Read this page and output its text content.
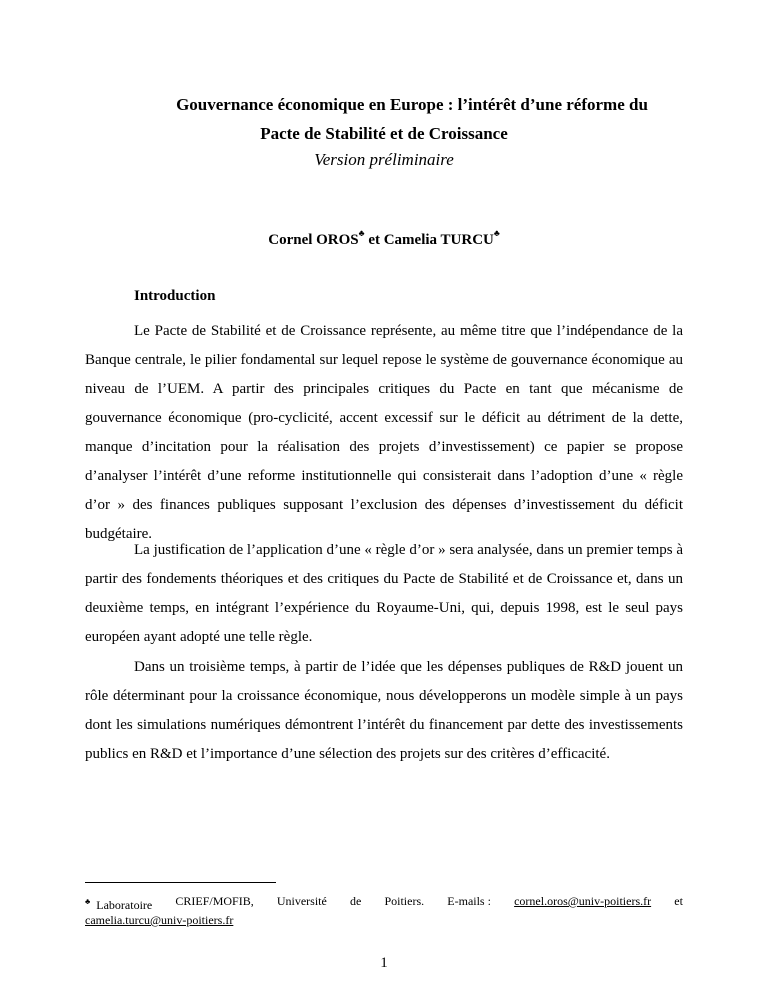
Gouvernance économique en Europe : l’intérêt d’une réforme du
Pacte de Stabilité et de Croissance
Version préliminaire
Cornel OROS♣ et Camelia TURCU♣
Introduction

Le Pacte de Stabilité et de Croissance représente, au même titre que l’indépendance de la Banque centrale, le pilier fondamental sur lequel repose le système de gouvernance économique au niveau de l’UEM. A partir des principales critiques du Pacte en tant que mécanisme de gouvernance économique (pro-cyclicité, accent excessif sur le déficit au détriment de la dette, manque d’incitation pour la réalisation des projets d’investissement) ce papier se propose d’analyser l’intérêt d’une reforme institutionnelle qui consisterait dans l’adoption d’une « règle d’or » des finances publiques supposant l’exclusion des dépenses d’investissement du déficit budgétaire.

La justification de l’application d’une « règle d’or » sera analysée, dans un premier temps à partir des fondements théoriques et des critiques du Pacte de Stabilité et de Croissance et, dans un deuxième temps, en intégrant l’expérience du Royaume-Uni, qui, depuis 1998, est le seul pays européen ayant adopté une telle règle.

Dans un troisième temps, à partir de l’idée que les dépenses publiques de R&D jouent un rôle déterminant pour la croissance économique, nous développerons un modèle simple à un pays dont les simulations numériques démontrent l’intérêt du financement par dette des investissements publics en R&D et l’importance d’une sélection des projets sur des critères d’efficacité.

♣ Laboratoire CRIEF/MOFIB, Université de Poitiers. E-mails : cornel.oros@univ-poitiers.fr et
camelia.turcu@univ-poitiers.fr
1
